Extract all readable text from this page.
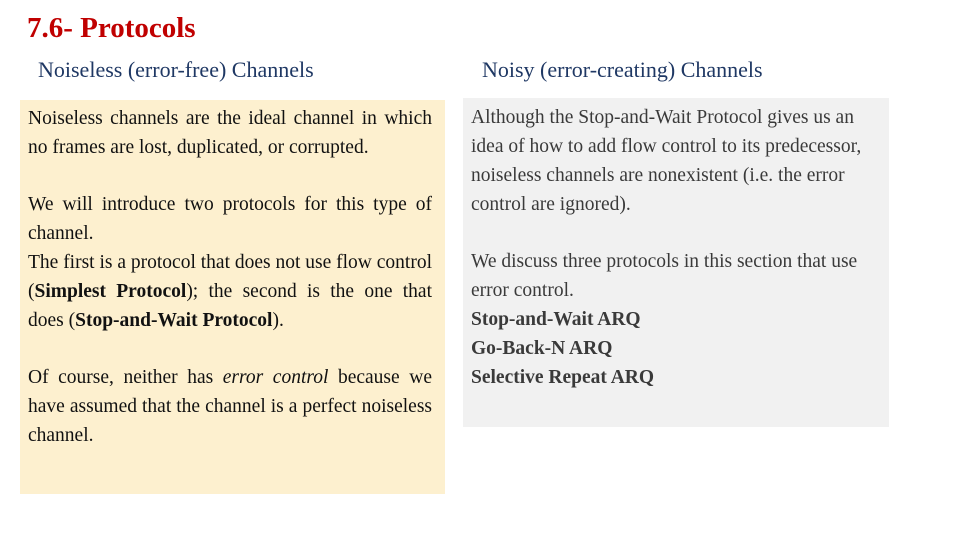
7.6- Protocols
Noiseless (error-free) Channels	Noisy (error-creating) Channels

Noiseless channels are the ideal channel in which no frames are lost, duplicated, or corrupted.

We will introduce two protocols for this type of channel.
The first is a protocol that does not use flow control (Simplest Protocol); the second is the one that does (Stop-and-Wait Protocol).

Of course, neither has error control because we have assumed that the channel is a perfect noiseless channel.

Although the Stop-and-Wait Protocol gives us an idea of how to add flow control to its predecessor, noiseless channels are nonexistent (i.e. the error control are ignored).

We discuss three protocols in this section that use error control.

Stop-and-Wait ARQ
Go-Back-N ARQ
Selective Repeat ARQ
